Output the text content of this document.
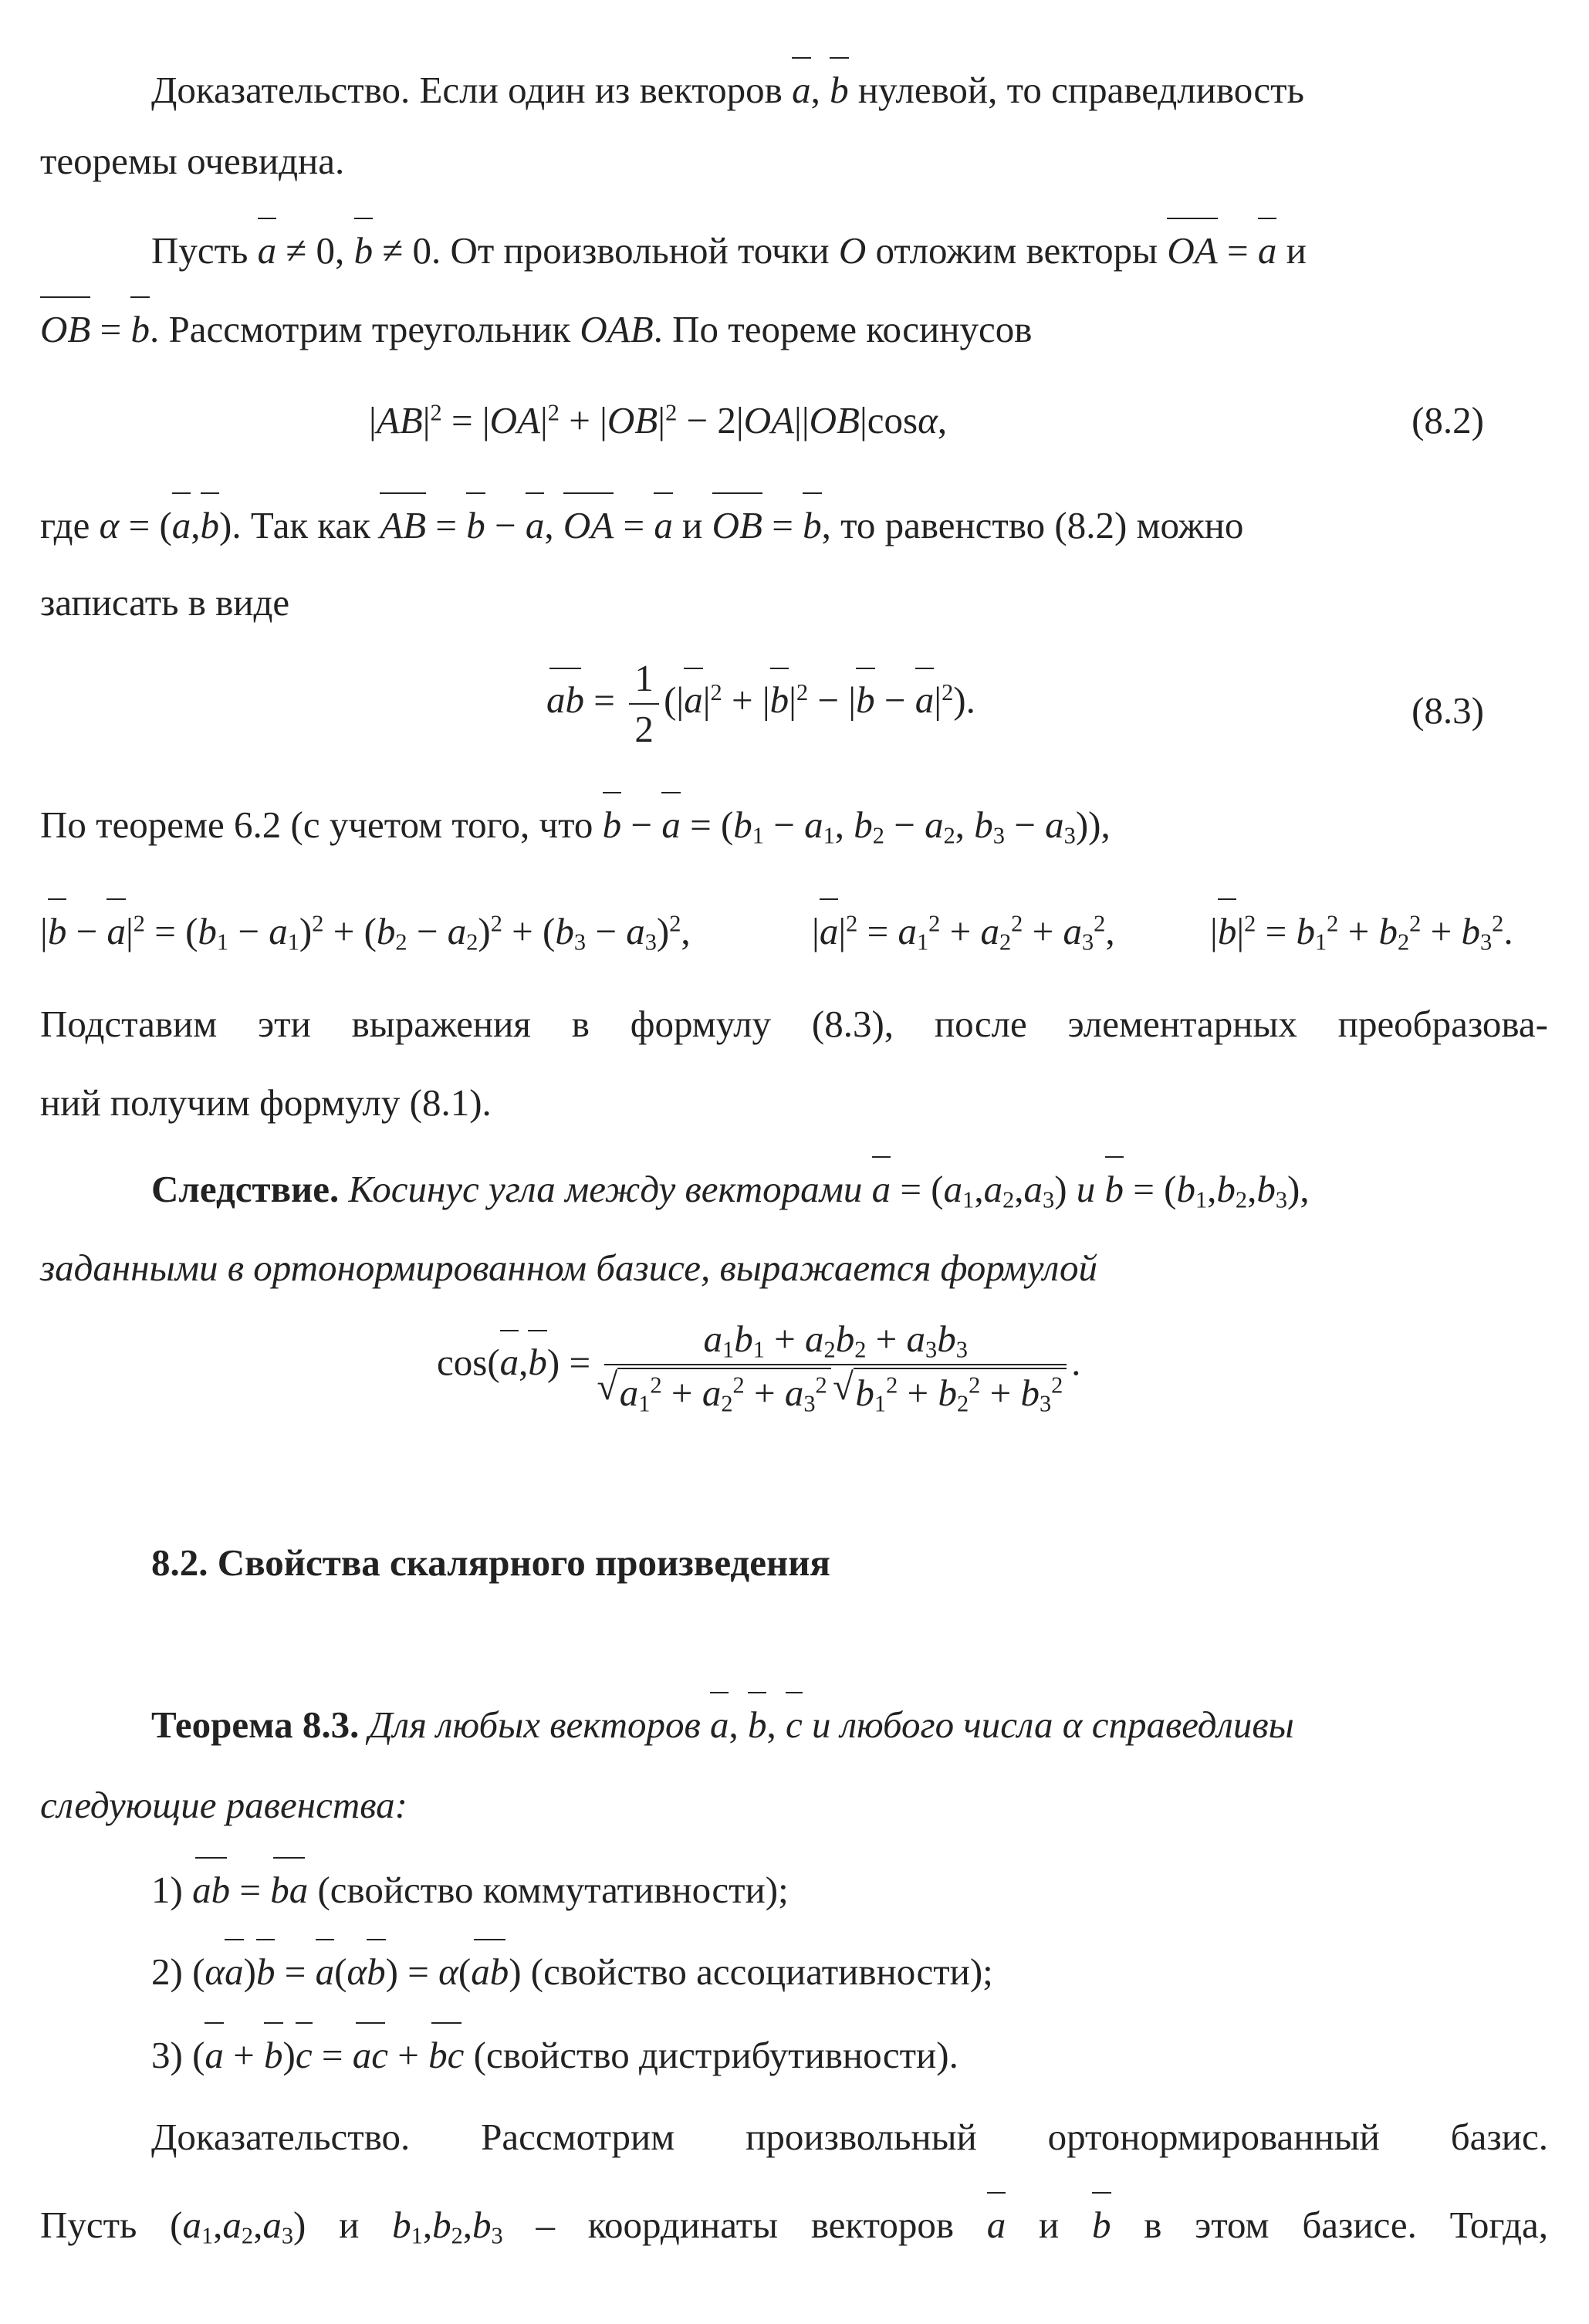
Доказательство. Если один из векторов a, b нулевой, то справедливость
теоремы очевидна.
Пусть a ≠ 0, b ≠ 0. От произвольной точки O отложим векторы OA = a и
OB = b. Рассмотрим треугольник OAB. По теореме косинусов
$|AB|^2 = |OA|^2 + |OB|^2 - 2|OA||OB|\cos\alpha$,	(8.2)
где α = (a,b). Так как AB = b − a, OA = a и OB = b, то равенство (8.2) можно
записать в виде
ab = $\frac{1}{2} (|a|^2 + |b|^2 - |b - a|^2)$.	(8.3)
По теореме 6.2 (с учетом того, что $b - a = (b_1 - a_1$, $b_2 - a_2$, $b_3 - a_3$)),
$|b - a|^2 = (b_1 - a_1)^2 + (b_2 - a_2)^2 + (b_3 - a_3)^2$,	$|a|^2 = a_1^2 + a_2^2 + a_3^2$,	$|b|^2 = b_1^2 + b_2^2 + b_3^2$.
Подставим эти выражения в формулу (8.3), после элементарных преобразова-
ний получим формулу (8.1).
Следствие. Косинус угла между векторами $a = (a_1,a_2,a_3)$ и $b = (b_1,b_2,b_3)$,
заданными в ортонормированном базисе, выражается формулой
$\cos(a,b) = a_1b_1 + a_2b_2 + a_3b_3$
√ $a_1^2 + a_2^2 + a_3^2$ √ $b_1^2 + b_2^2 + b_3^2$ .
8.2. Свойства скалярного произведения
Теорема 8.3. Для любых векторов a, b, c и любого числа α справедливы
следующие равенства:
1) ab = ba (свойство коммутативности);
2) (αa)b = a(αb) = α(ab) (свойство ассоциативности);
3) (a + b)c = ac + bc (свойство дистрибутивности).
Доказательство. Рассмотрим произвольный ортонормированный базис.
Пусть $(a_1,a_2,a_3)$ и $b_1,b_2,b_3$ – координаты векторов a и b в этом базисе. Тогда,
